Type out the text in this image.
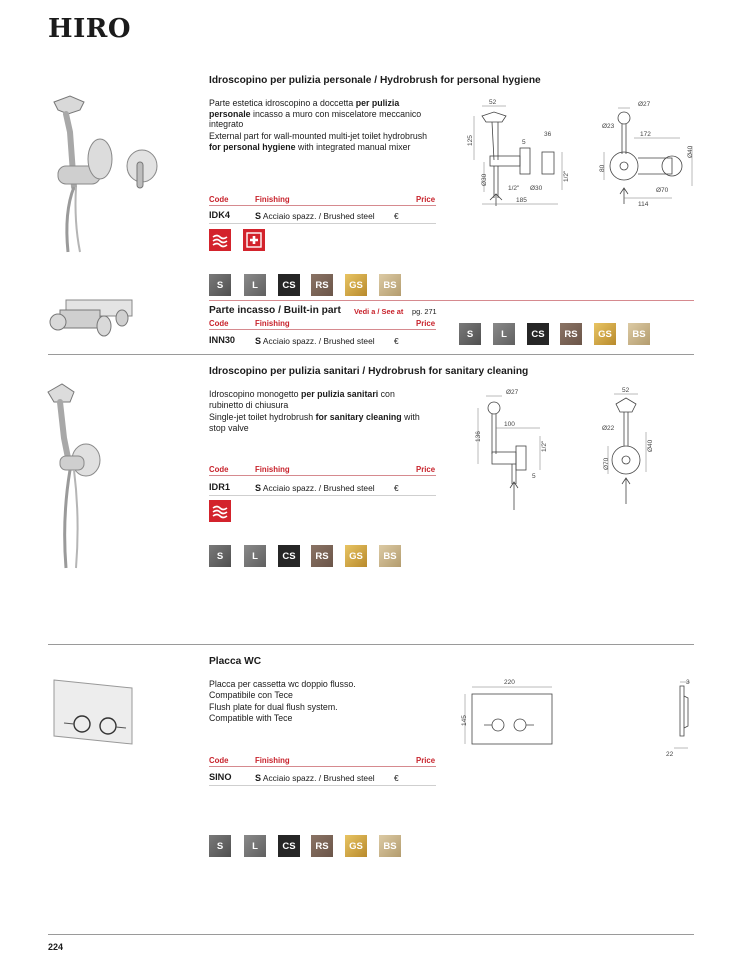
HIRO
Idroscopino per pulizia personale / Hydrobrush for personal hygiene
Parte estetica idroscopino a doccetta per pulizia personale incasso a muro con miscelatore meccanico integrato
External part for wall-mounted multi-jet toilet hydrobrush for personal hygiene with integrated manual mixer
Code	Finishing	Price
IDK4	S Acciaio spazz. / Brushed steel €
S	L	CS	RS	GS	BS
52
125	5
36
Ø30
1/2" Ø30
1/2"
185
Ø27
Ø23
172
80
Ø40
Ø70
114
Parte incasso / Built-in part Vedi a / See at pg. 271
Code	Finishing	Price
INN30 S Acciaio spazz. / Brushed steel €
S	L	CS	RS	GS	BS
Idroscopino per pulizia sanitari / Hydrobrush for sanitary cleaning
Idroscopino monogetto per pulizia sanitari con rubinetto di chiusura
Single-jet toilet hydrobrush for sanitary cleaning with stop valve
Code	Finishing	Price
IDR1	S Acciaio spazz. / Brushed steel €
S	L	CS	RS	GS	BS
Ø27
100
136
1/2"
5
52
Ø22
Ø40
Ø70
Placca WC
Placca per cassetta wc doppio flusso. Compatibile con Tece
Flush plate for dual flush system. Compatible with Tece
Code	Finishing	Price
SINO	S Acciaio spazz. / Brushed steel €
S	L	CS	RS	GS	BS
220
145
3
22
224
